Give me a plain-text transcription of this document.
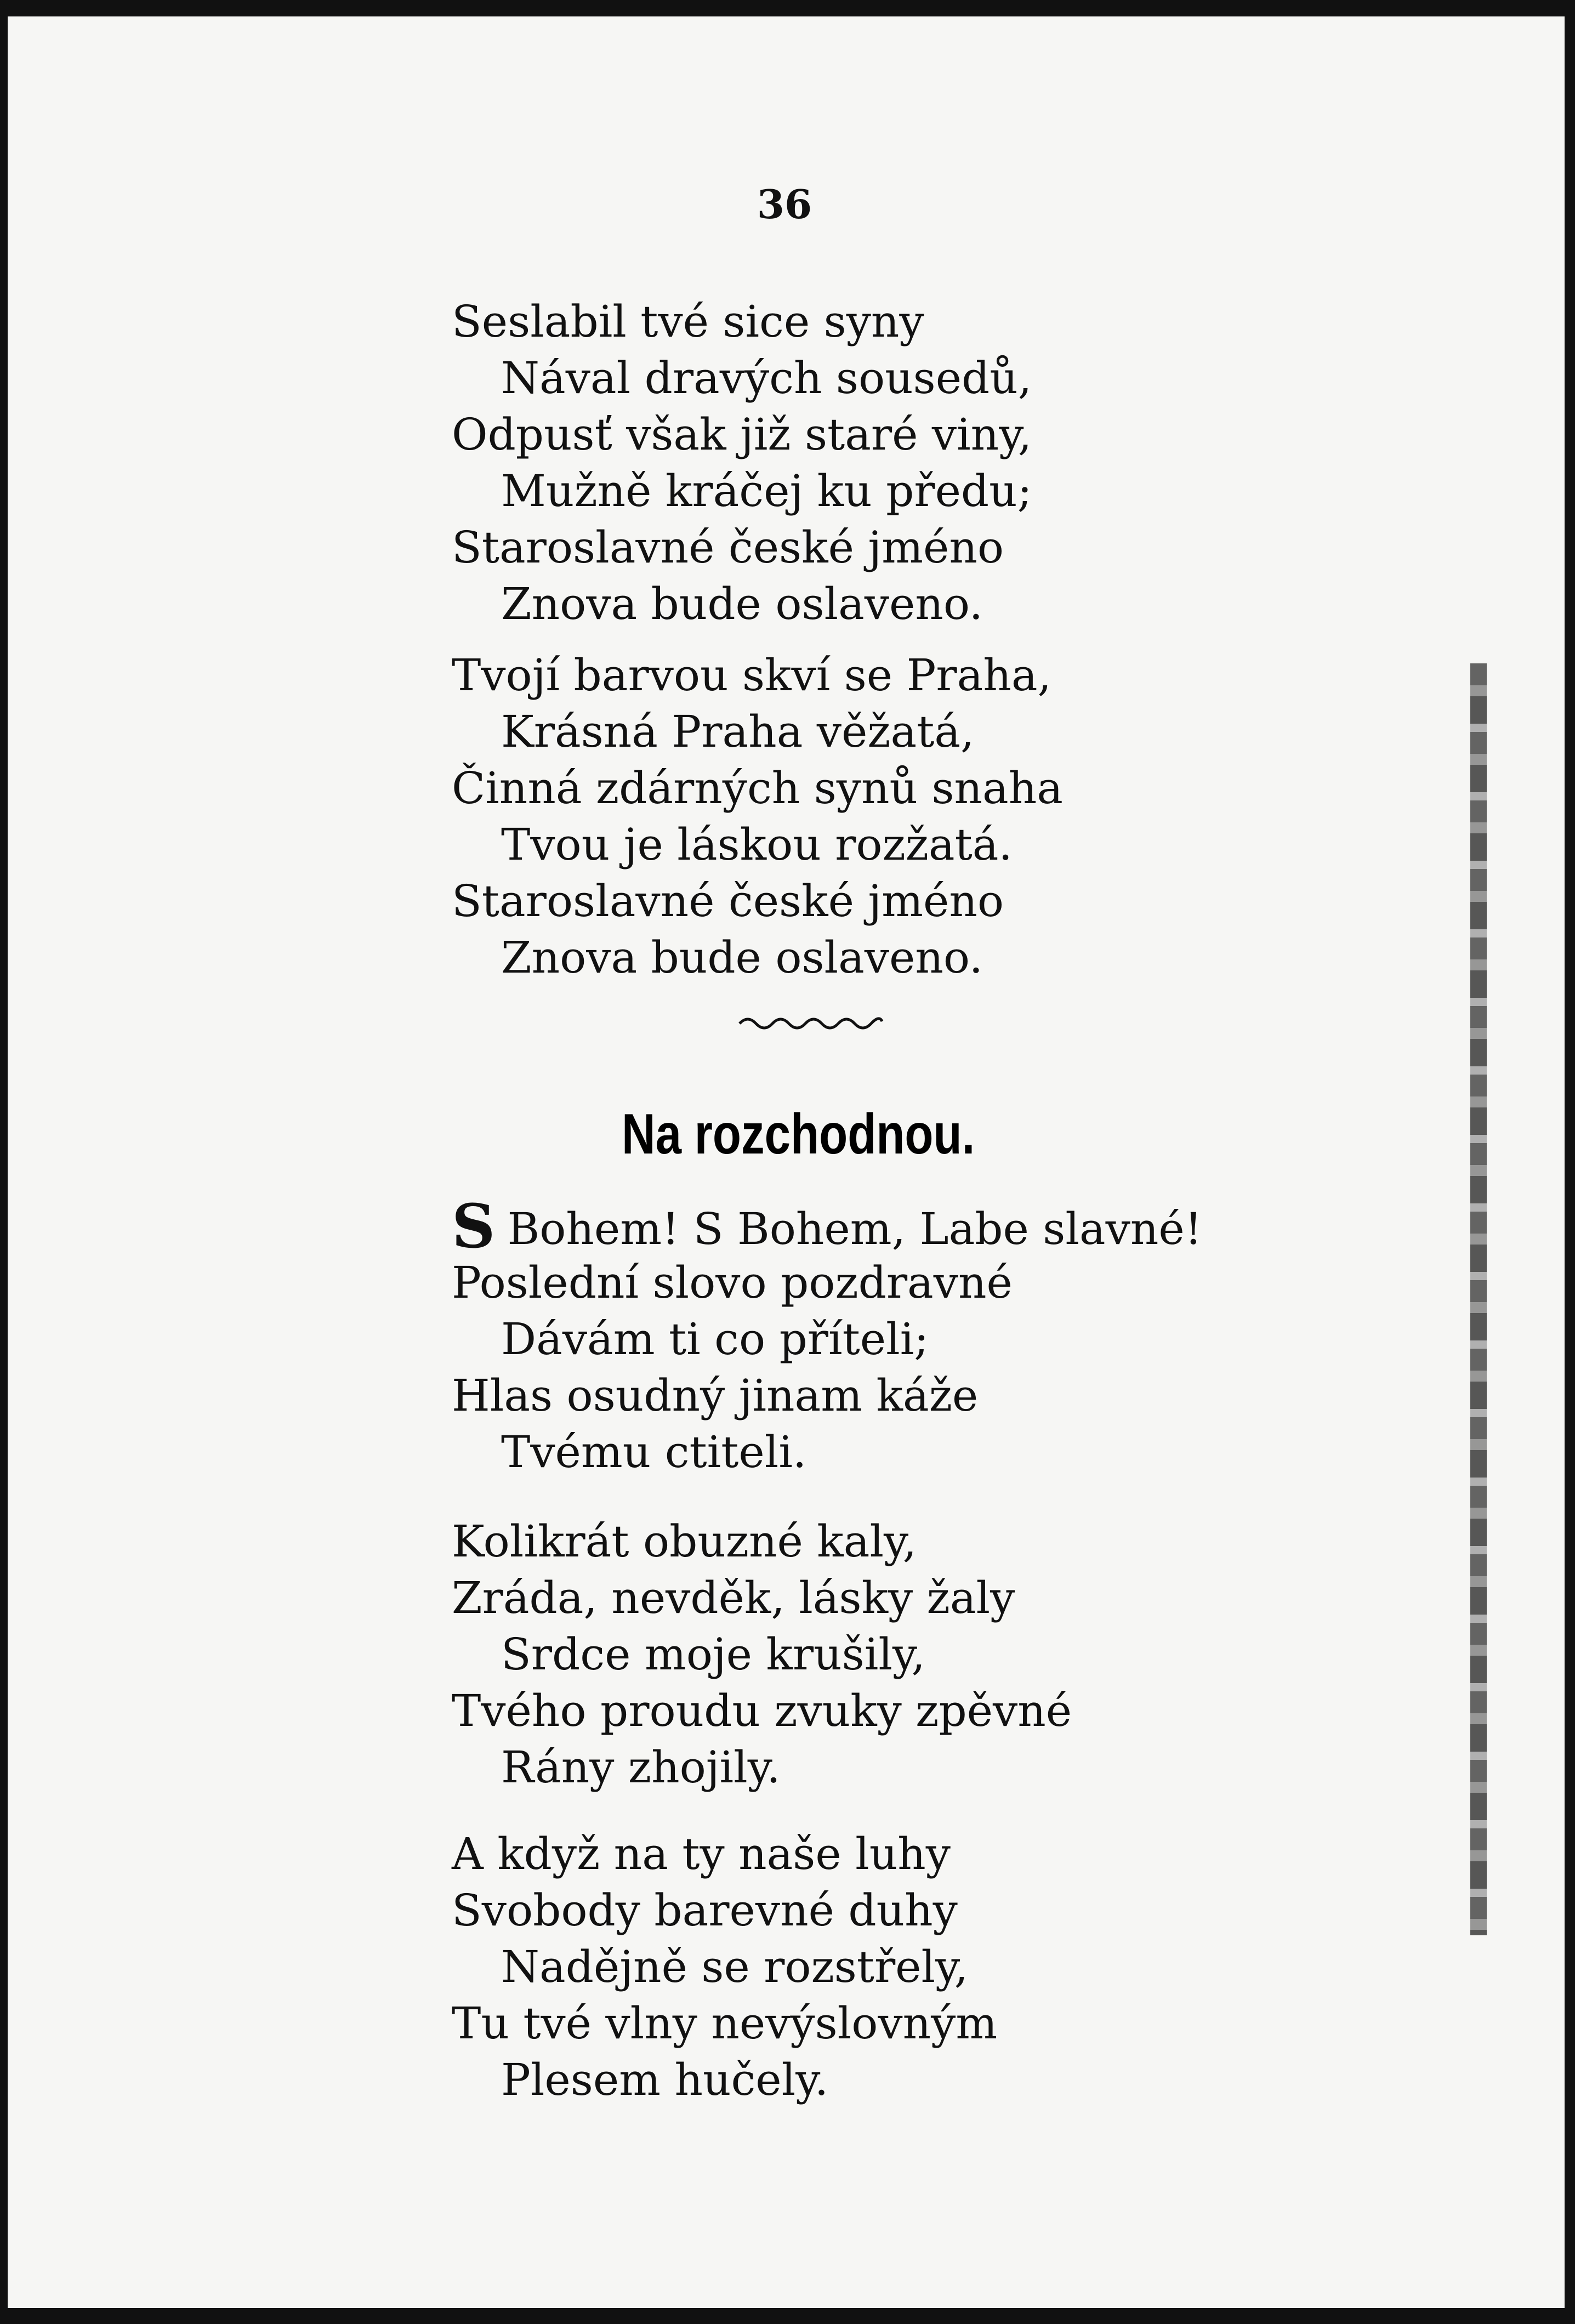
36
Seslabil tvé sice syny
Nával dravých sousedů,
Odpusť však již staré viny,
Mužně kráčej ku předu;
Staroslavné české jméno
Znova bude oslaveno.
Tvojí barvou skví se Praha,
Krásná Praha věžatá,
Činná zdárných synů snaha
Tvou je láskou rozžatá.
Staroslavné české jméno
Znova bude oslaveno.
Na rozchodnou.
S Bohem! S Bohem, Labe slavné!
Poslední slovo pozdravné
Dávám ti co příteli;
Hlas osudný jinam káže
Tvému ctiteli.
Kolikrát obuzné kaly,
Zráda, nevděk, lásky žaly
Srdce moje krušily,
Tvého proudu zvuky zpěvné
Rány zhojily.
A když na ty naše luhy
Svobody barevné duhy
Nadějně se rozstřely,
Tu tvé vlny nevýslovným
Plesem hučely.
